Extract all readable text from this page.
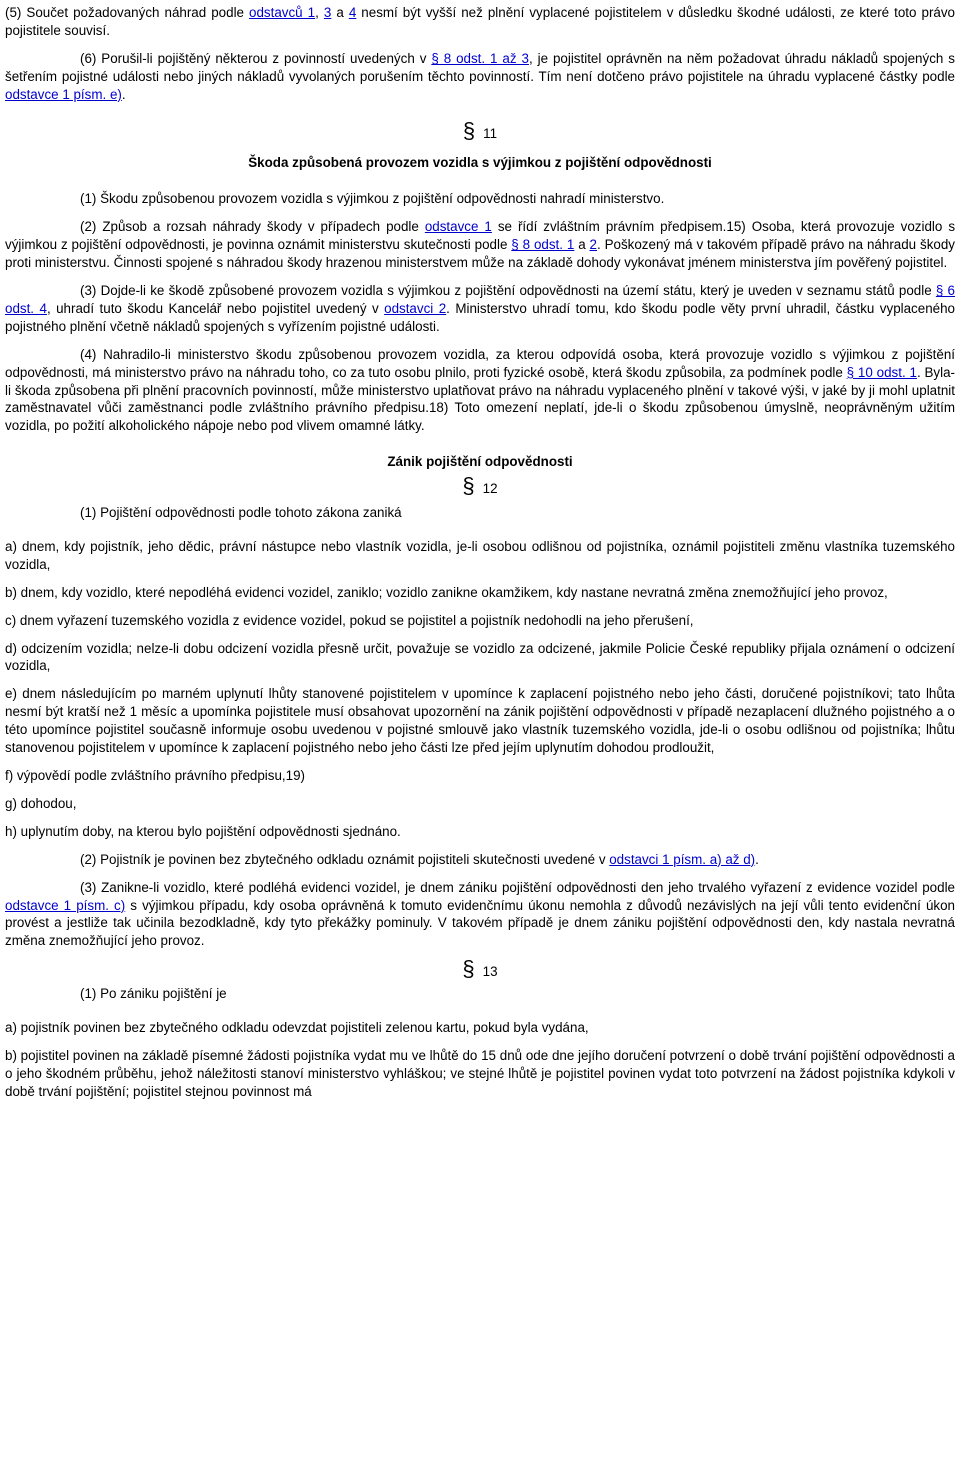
(5) Součet požadovaných náhrad podle odstavců 1, 3 a 4 nesmí být vyšší než plnění vyplacené pojistitelem v důsledku škodné události, ze které toto právo pojistitele souvisí.

(6) Porušil-li pojištěný některou z povinností uvedených v § 8 odst. 1 až 3, je pojistitel oprávněn na něm požadovat úhradu nákladů spojených s šetřením pojistné události nebo jiných nákladů vyvolaných porušením těchto povinností. Tím není dotčeno právo pojistitele na úhradu vyplacené částky podle odstavce 1 písm. e).

§ 11
Škoda způsobená provozem vozidla s výjimkou z pojištění odpovědnosti

(1) Škodu způsobenou provozem vozidla s výjimkou z pojištění odpovědnosti nahradí ministerstvo.

(2) Způsob a rozsah náhrady škody v případech podle odstavce 1 se řídí zvláštním právním předpisem.15) Osoba, která provozuje vozidlo s výjimkou z pojištění odpovědnosti, je povinna oznámit ministerstvu skutečnosti podle § 8 odst. 1 a 2. Poškozený má v takovém případě právo na náhradu škody proti ministerstvu. Činnosti spojené s náhradou škody hrazenou ministerstvem může na základě dohody vykonávat jménem ministerstva jím pověřený pojistitel.

(3) Dojde-li ke škodě způsobené provozem vozidla s výjimkou z pojištění odpovědnosti na území státu, který je uveden v seznamu států podle § 6 odst. 4, uhradí tuto škodu Kancelář nebo pojistitel uvedený v odstavci 2. Ministerstvo uhradí tomu, kdo škodu podle věty první uhradil, částku vyplaceného pojistného plnění včetně nákladů spojených s vyřízením pojistné události.

(4) Nahradilo-li ministerstvo škodu způsobenou provozem vozidla, za kterou odpovídá osoba, která provozuje vozidlo s výjimkou z pojištění odpovědnosti, má ministerstvo právo na náhradu toho, co za tuto osobu plnilo, proti fyzické osobě, která škodu způsobila, za podmínek podle § 10 odst. 1. Byla-li škoda způsobena při plnění pracovních povinností, může ministerstvo uplatňovat právo na náhradu vyplaceného plnění v takové výši, v jaké by ji mohl uplatnit zaměstnavatel vůči zaměstnanci podle zvláštního právního předpisu.18) Toto omezení neplatí, jde-li o škodu způsobenou úmyslně, neoprávněným užitím vozidla, po požití alkoholického nápoje nebo pod vlivem omamné látky.

Zánik pojištění odpovědnosti
§ 12

(1) Pojištění odpovědnosti podle tohoto zákona zaniká

a) dnem, kdy pojistník, jeho dědic, právní nástupce nebo vlastník vozidla, je-li osobou odlišnou od pojistníka, oznámil pojistiteli změnu vlastníka tuzemského vozidla,

b) dnem, kdy vozidlo, které nepodléhá evidenci vozidel, zaniklo; vozidlo zanikne okamžikem, kdy nastane nevratná změna znemožňující jeho provoz,

c) dnem vyřazení tuzemského vozidla z evidence vozidel, pokud se pojistitel a pojistník nedohodli na jeho přerušení,

d) odcizením vozidla; nelze-li dobu odcizení vozidla přesně určit, považuje se vozidlo za odcizené, jakmile Policie České republiky přijala oznámení o odcizení vozidla,

e) dnem následujícím po marném uplynutí lhůty stanovené pojistitelem v upomínce k zaplacení pojistného nebo jeho části, doručené pojistníkovi; tato lhůta nesmí být kratší než 1 měsíc a upomínka pojistitele musí obsahovat upozornění na zánik pojištění odpovědnosti v případě nezaplacení dlužného pojistného a o této upomínce pojistitel současně informuje osobu uvedenou v pojistné smlouvě jako vlastník tuzemského vozidla, jde-li o osobu odlišnou od pojistníka; lhůtu stanovenou pojistitelem v upomínce k zaplacení pojistného nebo jeho části lze před jejím uplynutím dohodou prodloužit,

f) výpovědí podle zvláštního právního předpisu,19)

g) dohodou,

h) uplynutím doby, na kterou bylo pojištění odpovědnosti sjednáno.

(2) Pojistník je povinen bez zbytečného odkladu oznámit pojistiteli skutečnosti uvedené v odstavci 1 písm. a) až d).

(3) Zanikne-li vozidlo, které podléhá evidenci vozidel, je dnem zániku pojištění odpovědnosti den jeho trvalého vyřazení z evidence vozidel podle odstavce 1 písm. c) s výjimkou případu, kdy osoba oprávněná k tomuto evidenčnímu úkonu nemohla z důvodů nezávislých na její vůli tento evidenční úkon provést a jestliže tak učinila bezodkladně, kdy tyto překážky pominuly. V takovém případě je dnem zániku pojištění odpovědnosti den, kdy nastala nevratná změna znemožňující jeho provoz.

§ 13

(1) Po zániku pojištění je

a) pojistník povinen bez zbytečného odkladu odevzdat pojistiteli zelenou kartu, pokud byla vydána,

b) pojistitel povinen na základě písemné žádosti pojistníka vydat mu ve lhůtě do 15 dnů ode dne jejího doručení potvrzení o době trvání pojištění odpovědnosti a o jeho škodném průběhu, jehož náležitosti stanoví ministerstvo vyhláškou; ve stejné lhůtě je pojistitel povinen vydat toto potvrzení na žádost pojistníka kdykoli v době trvání pojištění; pojistitel stejnou povinnost má
